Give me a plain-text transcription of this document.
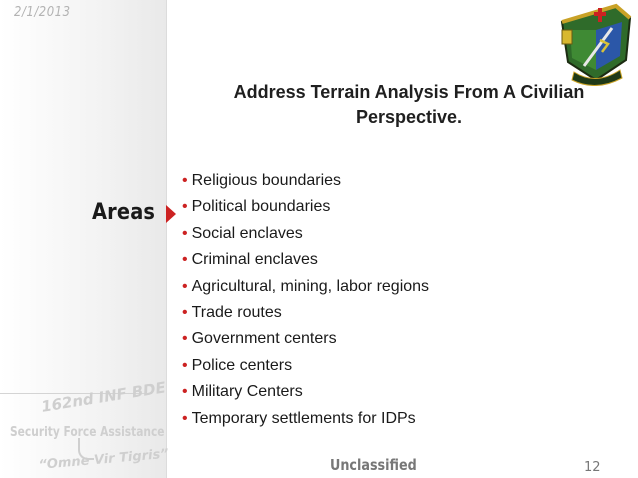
2/1/2013
Areas
162nd INF BDE
Security Force Assistance
“Omne Vir Tigris”
Address Terrain Analysis From A Civilian
Perspective.
• Religious boundaries
• Political boundaries
• Social enclaves
• Criminal enclaves
• Agricultural, mining, labor regions
• Trade routes
• Government centers
• Police centers
• Military Centers
• Temporary settlements for IDPs
Unclassified	12
